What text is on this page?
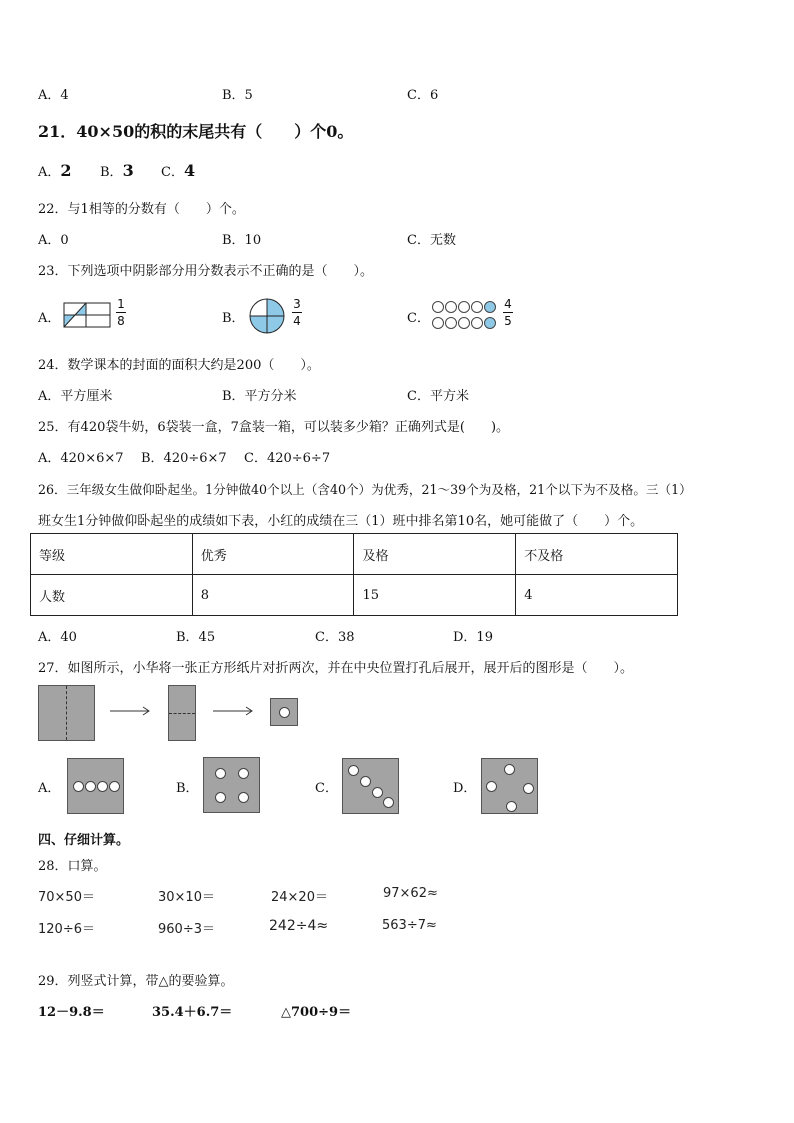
A．4	B．5	C．6
21．40×50的积的末尾共有（　　）个0。
A．2 B．3 C．4
22．与1相等的分数有（　　）个。
A．0	B．10	C．无数
23．下列选项中阴影部分用分数表示不正确的是（　　）。
A．
1
8	B．
3
4	C．
4
5
24．数学课本的封面的面积大约是200（　　）。
A．平方厘米	B．平方分米	C．平方米
25．有420袋牛奶，6袋装一盒，7盒装一箱，可以装多少箱？正确列式是(　　)。
A．420×6×7 B．420÷6×7 C．420÷6÷7
26．三年级女生做仰卧起坐。1分钟做40个以上（含40个）为优秀，21～39个为及格，21个以下为不及格。三（1）
班女生1分钟做仰卧起坐的成绩如下表，小红的成绩在三（1）班中排名第10名，她可能做了（　　）个。
等级	优秀	及格	不及格
人数	8	15	4
A．40	B．45	C．38	D．19
27．如图所示，小华将一张正方形纸片对折两次，并在中央位置打孔后展开，展开后的图形是（　　）。
A．	B．	C．	D．
四、仔细计算。
28．口算。
70×50＝	30×10＝	24×20＝	97×62≈
120÷6＝	960÷3＝	242÷4≈	563÷7≈
29．列竖式计算，带△的要验算。
12－9.8＝	35.4＋6.7＝	△700÷9＝
